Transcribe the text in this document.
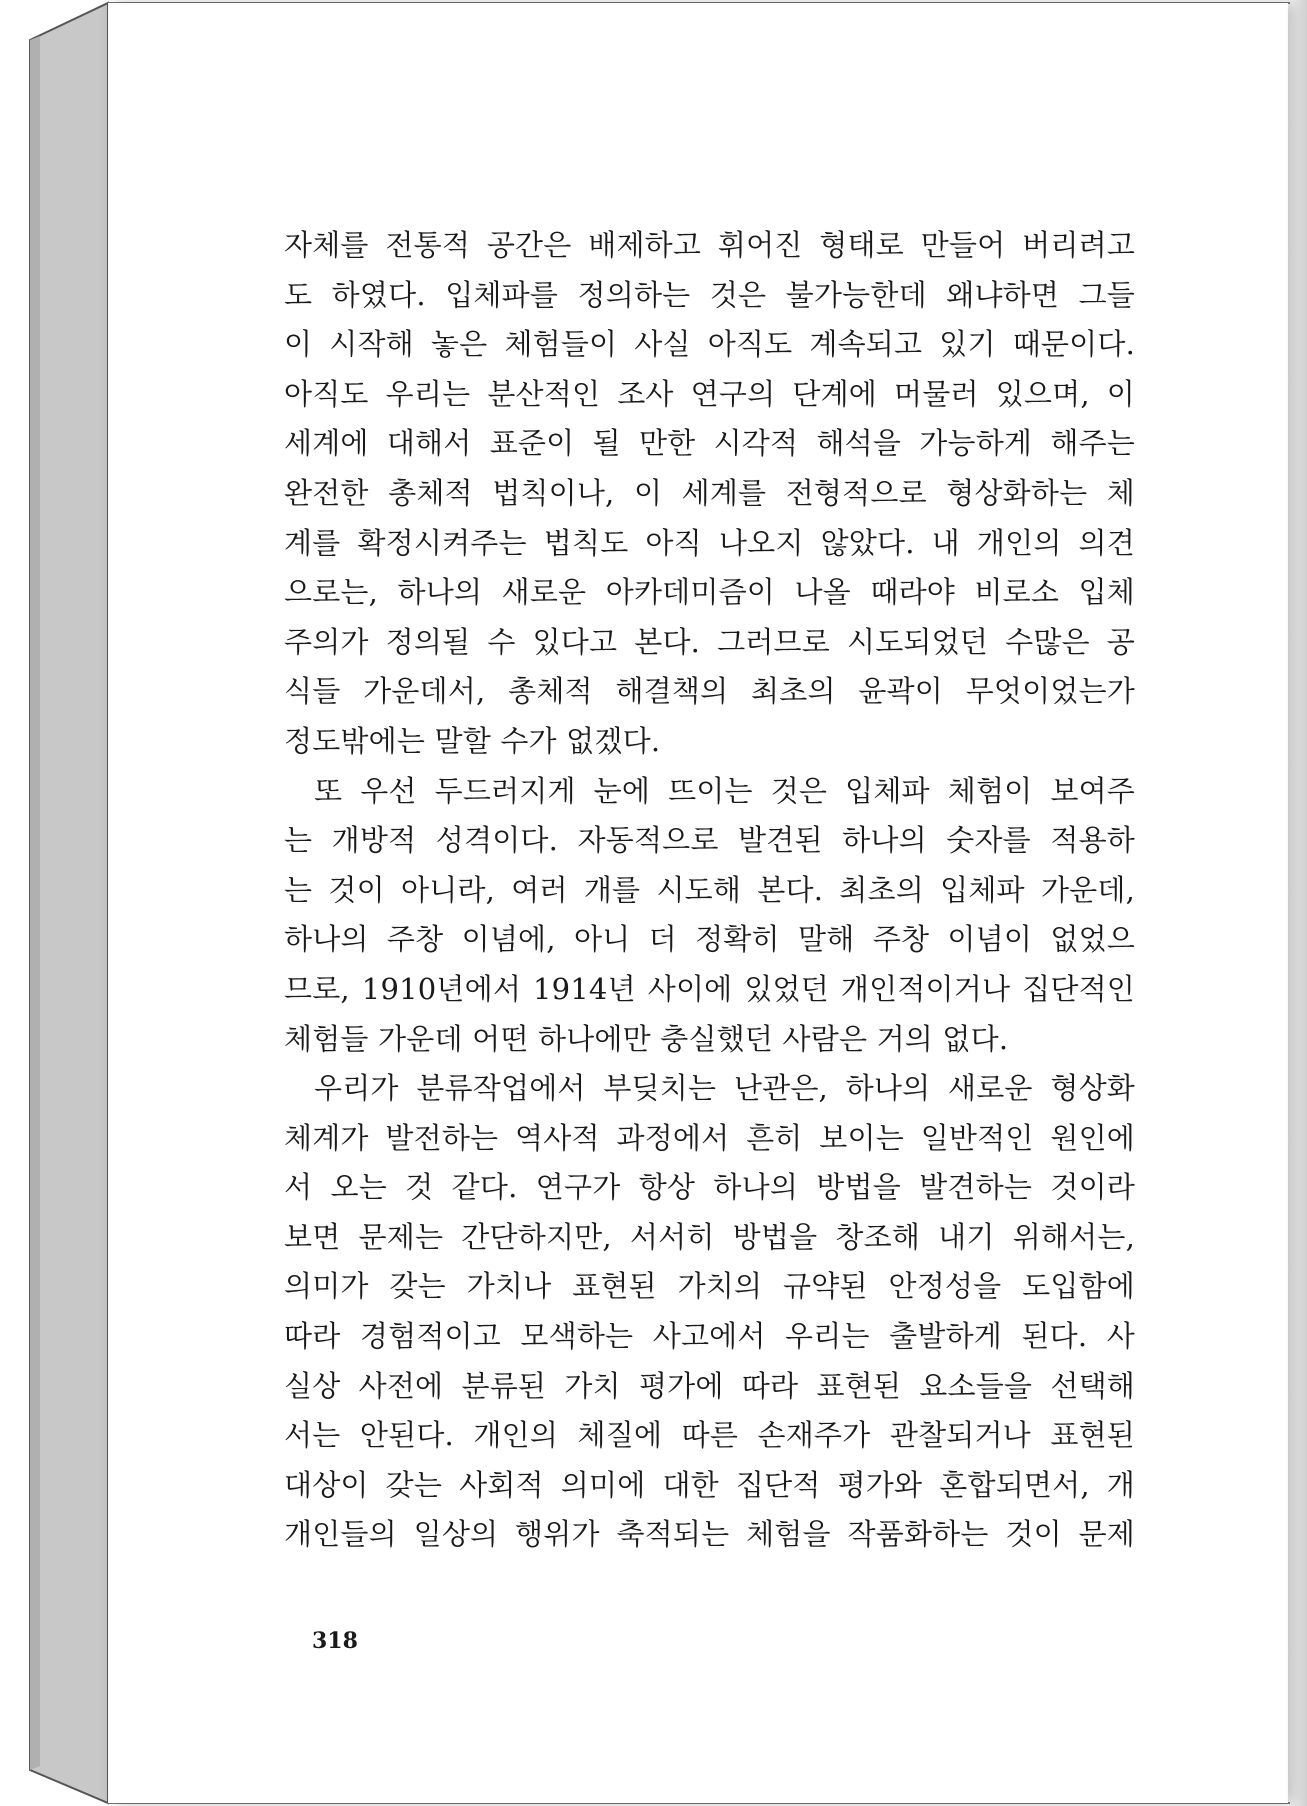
자체를 전통적 공간은 배제하고 휘어진 형태로 만들어 버리려고
도 하였다. 입체파를 정의하는 것은 불가능한데 왜냐하면 그들
이 시작해 놓은 체험들이 사실 아직도 계속되고 있기 때문이다.
아직도 우리는 분산적인 조사 연구의 단계에 머물러 있으며, 이
세계에 대해서 표준이 될 만한 시각적 해석을 가능하게 해주는
완전한 총체적 법칙이나, 이 세계를 전형적으로 형상화하는 체
계를 확정시켜주는 법칙도 아직 나오지 않았다. 내 개인의 의견
으로는, 하나의 새로운 아카데미즘이 나올 때라야 비로소 입체
주의가 정의될 수 있다고 본다. 그러므로 시도되었던 수많은 공
식들 가운데서, 총체적 해결책의 최초의 윤곽이 무엇이었는가
정도밖에는 말할 수가 없겠다.
또 우선 두드러지게 눈에 뜨이는 것은 입체파 체험이 보여주
는 개방적 성격이다. 자동적으로 발견된 하나의 숫자를 적용하
는 것이 아니라, 여러 개를 시도해 본다. 최초의 입체파 가운데,
하나의 주창 이념에, 아니 더 정확히 말해 주창 이념이 없었으
므로, 1910년에서 1914년 사이에 있었던 개인적이거나 집단적인
체험들 가운데 어떤 하나에만 충실했던 사람은 거의 없다.
우리가 분류작업에서 부딪치는 난관은, 하나의 새로운 형상화
체계가 발전하는 역사적 과정에서 흔히 보이는 일반적인 원인에
서 오는 것 같다. 연구가 항상 하나의 방법을 발견하는 것이라
보면 문제는 간단하지만, 서서히 방법을 창조해 내기 위해서는,
의미가 갖는 가치나 표현된 가치의 규약된 안정성을 도입함에
따라 경험적이고 모색하는 사고에서 우리는 출발하게 된다. 사
실상 사전에 분류된 가치 평가에 따라 표현된 요소들을 선택해
서는 안된다. 개인의 체질에 따른 손재주가 관찰되거나 표현된
대상이 갖는 사회적 의미에 대한 집단적 평가와 혼합되면서, 개
개인들의 일상의 행위가 축적되는 체험을 작품화하는 것이 문제
318
